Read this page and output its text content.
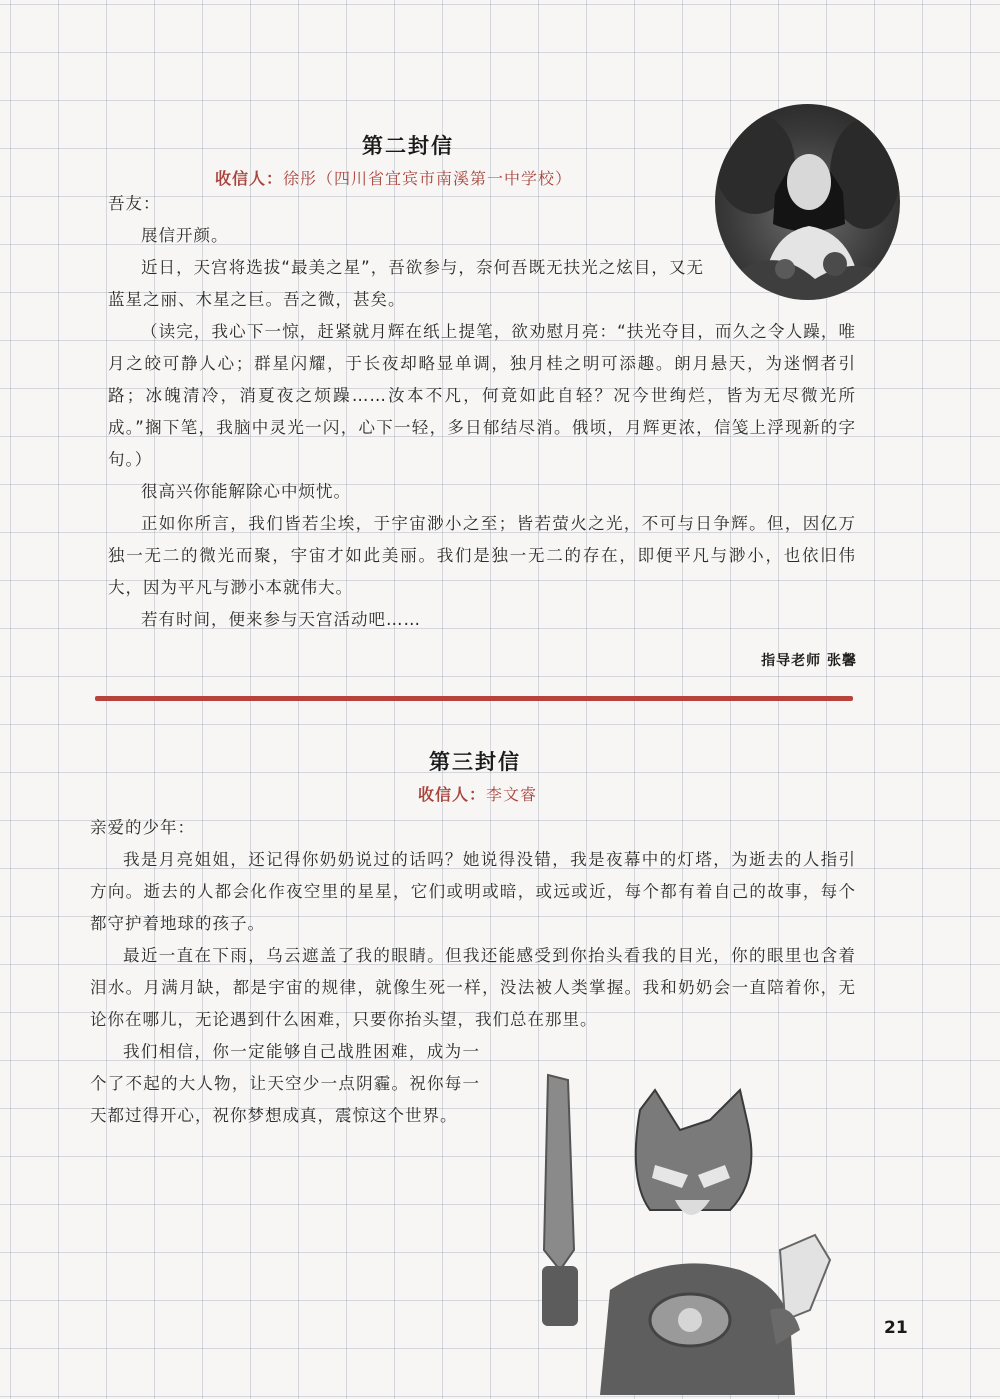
第二封信
收信人：徐彤（四川省宜宾市南溪第一中学校）

吾友：

展信开颜。

近日，天宫将选拔“最美之星”，吾欲参与，奈何吾既无扶光之炫目，又无蓝星之丽、木星之巨。吾之微，甚矣。

（读完，我心下一惊，赶紧就月辉在纸上提笔，欲劝慰月亮：“扶光夺目，而久之令人躁，唯月之皎可静人心；群星闪耀，于长夜却略显单调，独月桂之明可添趣。朗月悬天，为迷惘者引路；冰魄清冷，消夏夜之烦躁……汝本不凡，何竟如此自轻？况今世绚烂，皆为无尽微光所成。”搁下笔，我脑中灵光一闪，心下一轻，多日郁结尽消。俄顷，月辉更浓，信笺上浮现新的字句。）

很高兴你能解除心中烦忧。

正如你所言，我们皆若尘埃，于宇宙渺小之至；皆若萤火之光，不可与日争辉。但，因亿万独一无二的微光而聚，宇宙才如此美丽。我们是独一无二的存在，即便平凡与渺小，也依旧伟大，因为平凡与渺小本就伟大。

若有时间，便来参与天宫活动吧……

指导老师 张馨
第三封信
收信人：李文睿

亲爱的少年：

我是月亮姐姐，还记得你奶奶说过的话吗？她说得没错，我是夜幕中的灯塔，为逝去的人指引方向。逝去的人都会化作夜空里的星星，它们或明或暗，或远或近，每个都有着自己的故事，每个都守护着地球的孩子。

最近一直在下雨，乌云遮盖了我的眼睛。但我还能感受到你抬头看我的目光，你的眼里也含着泪水。月满月缺，都是宇宙的规律，就像生死一样，没法被人类掌握。我和奶奶会一直陪着你，无论你在哪儿，无论遇到什么困难，只要你抬头望，我们总在那里。

我们相信，你一定能够自己战胜困难，成为一个了不起的大人物，让天空少一点阴霾。祝你每一天都过得开心，祝你梦想成真，震惊这个世界。

21
